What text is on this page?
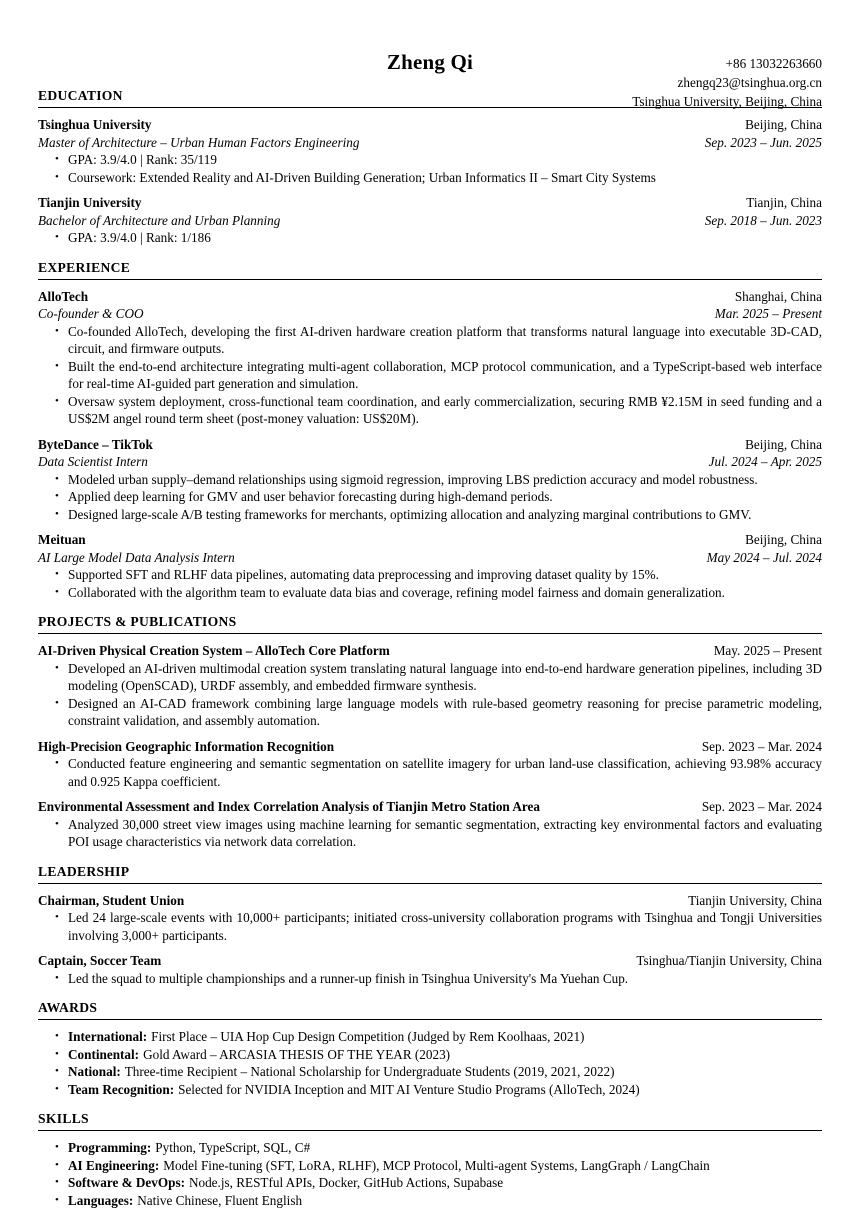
+86 13032263660
zhengq23@tsinghua.org.cn
Tsinghua University, Beijing, China
Zheng Qi
EDUCATION
Tsinghua University	Beijing, China
Master of Architecture – Urban Human Factors Engineering	Sep. 2023 – Jun. 2025
• GPA: 3.9/4.0 | Rank: 35/119
• Coursework: Extended Reality and AI-Driven Building Generation; Urban Informatics II – Smart City Systems
Tianjin University	Tianjin, China
Bachelor of Architecture and Urban Planning	Sep. 2018 – Jun. 2023
• GPA: 3.9/4.0 | Rank: 1/186
EXPERIENCE
AlloTech	Shanghai, China
Co-founder & COO	Mar. 2025 – Present
• Co-founded AlloTech, developing the first AI-driven hardware creation platform that transforms natural language into executable 3D-CAD, circuit, and firmware outputs.
• Built the end-to-end architecture integrating multi-agent collaboration, MCP protocol communication, and a TypeScript-based web interface for real-time AI-guided part generation and simulation.
• Oversaw system deployment, cross-functional team coordination, and early commercialization, securing RMB ¥2.15M in seed funding and a US$2M angel round term sheet (post-money valuation: US$20M).
ByteDance – TikTok	Beijing, China
Data Scientist Intern	Jul. 2024 – Apr. 2025
• Modeled urban supply–demand relationships using sigmoid regression, improving LBS prediction accuracy and model robustness.
• Applied deep learning for GMV and user behavior forecasting during high-demand periods.
• Designed large-scale A/B testing frameworks for merchants, optimizing allocation and analyzing marginal contributions to GMV.
Meituan	Beijing, China
AI Large Model Data Analysis Intern	May 2024 – Jul. 2024
• Supported SFT and RLHF data pipelines, automating data preprocessing and improving dataset quality by 15%.
• Collaborated with the algorithm team to evaluate data bias and coverage, refining model fairness and domain generalization.
PROJECTS & PUBLICATIONS
AI-Driven Physical Creation System – AlloTech Core Platform	May. 2025 – Present
• Developed an AI-driven multimodal creation system translating natural language into end-to-end hardware generation pipelines, including 3D modeling (OpenSCAD), URDF assembly, and embedded firmware synthesis.
• Designed an AI-CAD framework combining large language models with rule-based geometry reasoning for precise parametric modeling, constraint validation, and assembly automation.
High-Precision Geographic Information Recognition	Sep. 2023 – Mar. 2024
• Conducted feature engineering and semantic segmentation on satellite imagery for urban land-use classification, achieving 93.98% accuracy and 0.925 Kappa coefficient.
Environmental Assessment and Index Correlation Analysis of Tianjin Metro Station Area	Sep. 2023 – Mar. 2024
• Analyzed 30,000 street view images using machine learning for semantic segmentation, extracting key environmental factors and evaluating POI usage characteristics via network data correlation.
LEADERSHIP
Chairman, Student Union	Tianjin University, China
• Led 24 large-scale events with 10,000+ participants; initiated cross-university collaboration programs with Tsinghua and Tongji Universities involving 3,000+ participants.
Captain, Soccer Team	Tsinghua/Tianjin University, China
• Led the squad to multiple championships and a runner-up finish in Tsinghua University's Ma Yuehan Cup.
AWARDS
• International: First Place – UIA Hop Cup Design Competition (Judged by Rem Koolhaas, 2021)
• Continental: Gold Award – ARCASIA THESIS OF THE YEAR (2023)
• National: Three-time Recipient – National Scholarship for Undergraduate Students (2019, 2021, 2022)
• Team Recognition: Selected for NVIDIA Inception and MIT AI Venture Studio Programs (AlloTech, 2024)
SKILLS
• Programming: Python, TypeScript, SQL, C#
• AI Engineering: Model Fine-tuning (SFT, LoRA, RLHF), MCP Protocol, Multi-agent Systems, LangGraph / LangChain
• Software & DevOps: Node.js, RESTful APIs, Docker, GitHub Actions, Supabase
• Languages: Native Chinese, Fluent English
